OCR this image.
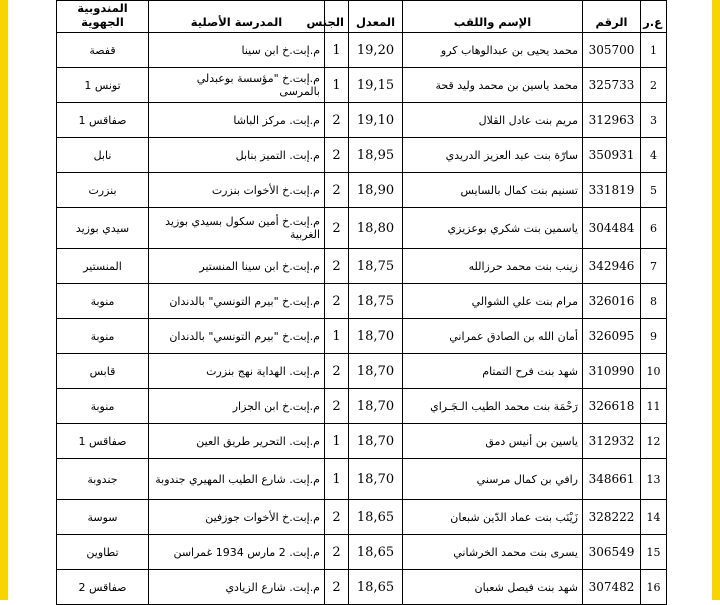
ع.ر	الرقم	الإسم واللقب	المعدل	الجنس	المدرسة الأصلية	المندوبية الجهوية
1	305700	محمد يحيى بن عبدالوهاب كرو	19,20	1	م.إبت.خ ابن سينا	قفصة
2	325733	محمد ياسين بن محمد وليد قحة	19,15	1	م.إبت.خ "مؤسسة بوعبدلي بالمرسى	تونس 1
3	312963	مريم بنت عادل القلال	19,10	2	م.إبت. مركز الباشا	صفاقس 1
4	350931	سارّة بنت عبد العزيز الدريدي	18,95	2	م.إبت. التميز بنابل	نابل
5	331819	تسنيم بنت كمال بالسايس	18,90	2	م.إبت.خ الأخوات بنزرت	بنزرت
6	304484	ياسمين بنت شكري بوعزيزي	18,80	2	م.إبت.خ أمين سكول بسيدي بوزيد الغربية	سيدي بوزيد
7	342946	زينب بنت محمد حرزالله	18,75	2	م.إبت.خ ابن سينا المنستير	المنستير
8	326016	مرام بنت علي الشوالي	18,75	2	م.إبت.خ "بيرم التونسي" بالدندان	منوبة
9	326095	أمان الله بن الصادق عمراني	18,70	1	م.إبت.خ "بيرم التونسي" بالدندان	منوبة
10	310990	شهد بنت فرح التمتام	18,70	2	م.إبت. الهداية نهج بنزرت	قابس
11	326618	رَحْمَة بنت محمد الطيب الـجَـراي	18,70	2	م.إبت.خ ابن الجزار	منوبة
12	312932	ياسين بن أنيس دمق	18,70	1	م.إبت. التحرير طريق العين	صفاقس 1
13	348661	رافي بن كمال مرسني	18,70	1	م.إبت. شارع الطيب المهيري جندوبة	جندوبة
14	328222	زَيْنَب بنت عماد الدّين شبعان	18,65	2	م.إبت.خ الأخوات جوزفين	سوسة
15	306549	يسرى بنت محمد الخرشاني	18,65	2	م.إبت. 2 مارس 1934 غمراسن	تطاوين
16	307482	شهد بنت فيصل شعبان	18,65	2	م.إبت. شارع الزيادي	صفاقس 2
